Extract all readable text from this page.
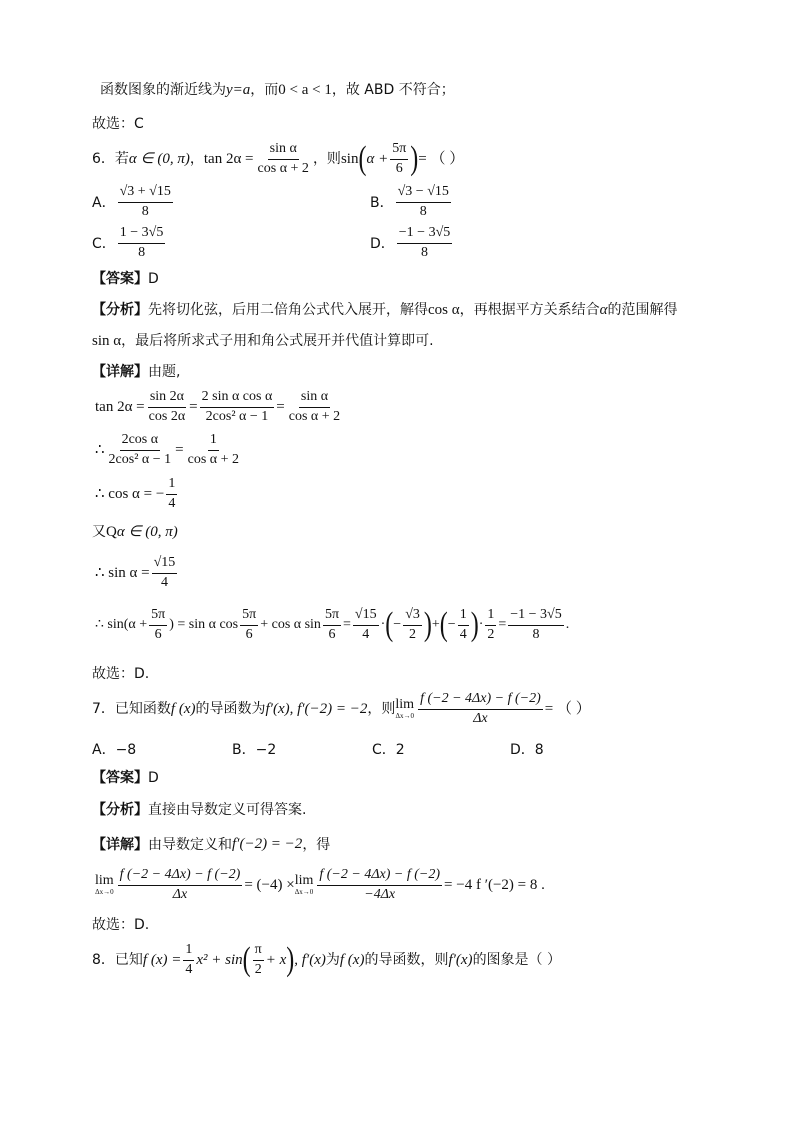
函数图象的渐近线为y=a，而0 < a < 1，故 ABD 不符合；
故选：C
6． 若 α ∈ (0, π) ， $\tan 2\alpha = \frac{\text{sin α}}{\text{cos α + 2}}$ ，则 sin ( $\alpha + \frac{5\pi}{6}$ ) = （ ）
A． $\frac{√3 + √15}{8}$	B． $\frac{√3 - √15}{8}$
C． $\frac{1 - 3√5}{8}$	D． $\frac{-1 - 3√5}{8}$
【答案】D
【分析】先将切化弦，后用二倍角公式代入展开，解得cos α，再根据平方关系结合α的范围解得
sin α，最后将所求式子用和角公式展开并代值计算即可.
【详解】由题,
$\tan 2\alpha = \frac{\sin 2\alpha}{\cos 2\alpha} = \frac{\text{2 sin α cos α}}{\text{2cos² α − 1}} = \frac{\text{sin α}}{\text{cos α + 2}}$
∴ $\frac{\text{2cos α}}{\text{2cos² α − 1}} = \frac{1}{\text{cos α + 2}}$
∴ cos α = − $\frac{1}{4}$
又Qα ∈ (0, π)
∴ $\sin \alpha = \frac{√15}{4}$
∴ $\sin(\alpha + \frac{5\pi}{6}$ ) = sin α $\cos \frac{5\pi}{6} + \cos \alpha$ $\sin \frac{5\pi}{6} = \frac{√15}{4}$ · ( − $\frac{√3}{2}$ ) + ( − $\frac{1}{4}$ ) · $\frac{1}{2} = \frac{-1 - 3√5}{8}$ .
故选：D.
7． 已知函数 f (x) 的导函数为 f′(x), f′(−2) = −2 ，则 lim
$\Delta x\to 0 \frac{f (-2 - 4\Delta x) - f (-2)}{\Delta x}$ = （ ）
A．−8	B．−2	C．2	D．8
【答案】D
【分析】直接由导数定义可得答案.
【详解】 由导数定义和 f′(−2) = −2 ，得
lim
$\Delta x\to 0 \frac{f (-2 - 4\Delta x) - f (-2)}{\Delta x} = (-4) \times \lim$
$\Delta x\to 0 \frac{f (-2 - 4\Delta x) - f (-2)}{-4\Delta x} = -4$ f ′(−2) = 8 .
故选：D.
8． 已知 f $(x) = \frac{1}{4} x^2 + \sin$ ( $\frac{\pi}{2} + x$ ) , f′(x) 为 f (x) 的导函数，则 f′(x) 的图象是（ ）
